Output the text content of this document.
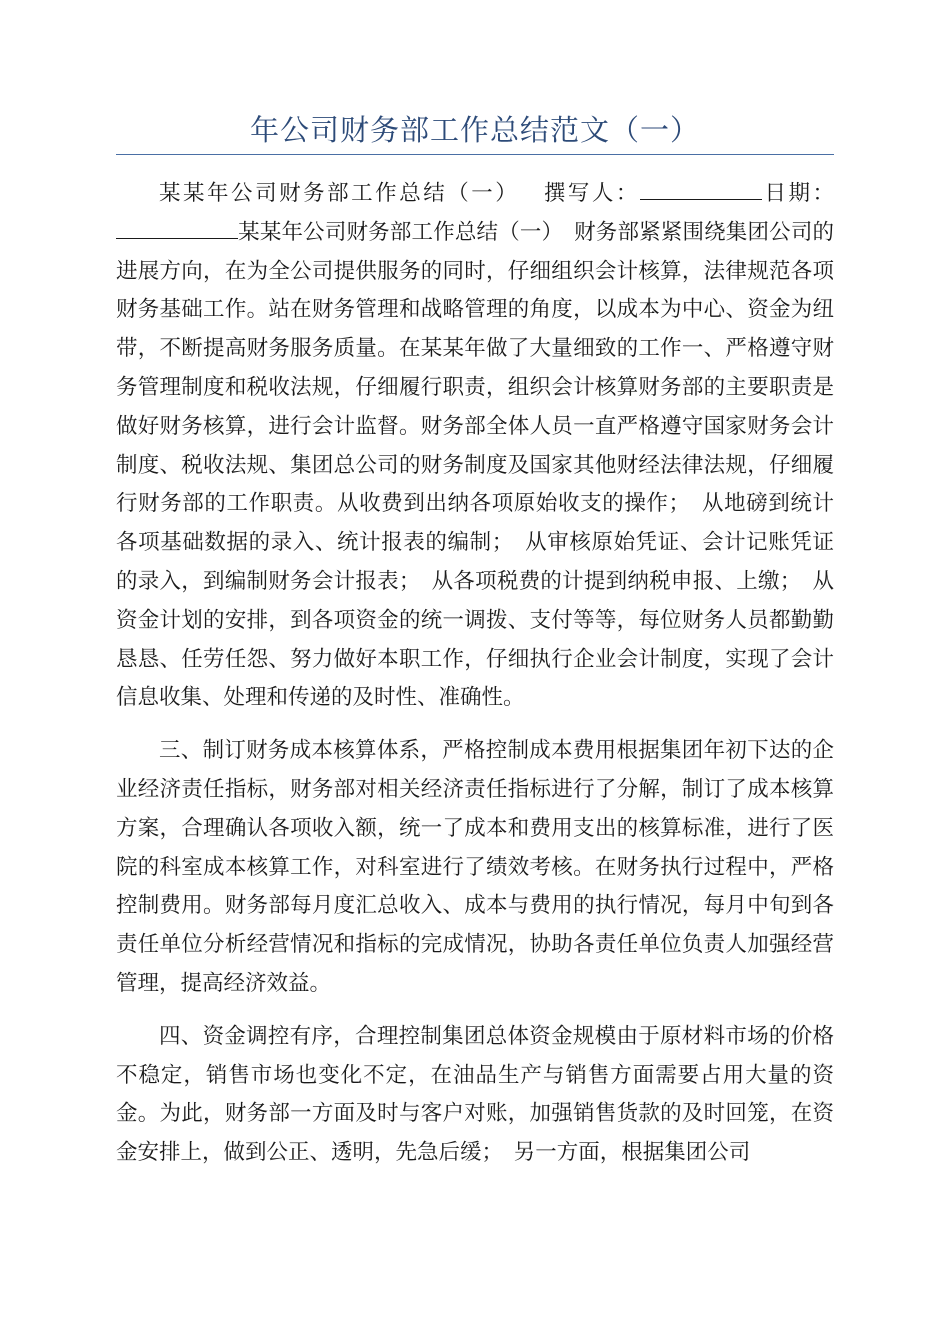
年公司财务部工作总结范文（一）

某某年公司财务部工作总结（一） 撰写人：	日期：某某年公司财务部工作总结（一）　财务部紧紧围绕集团公司的进展方向，在为全公司提供服务的同时，仔细组织会计核算，法律规范各项财务基础工作。站在财务管理和战略管理的角度，以成本为中心、资金为纽带，不断提高财务服务质量。在某某年做了大量细致的工作一、严格遵守财务管理制度和税收法规，仔细履行职责，组织会计核算财务部的主要职责是做好财务核算，进行会计监督。财务部全体人员一直严格遵守国家财务会计制度、税收法规、集团总公司的财务制度及国家其他财经法律法规，仔细履行财务部的工作职责。从收费到出纳各项原始收支的操作；　从地磅到统计各项基础数据的录入、统计报表的编制；　从审核原始凭证、会计记账凭证的录入，到编制财务会计报表；　从各项税费的计提到纳税申报、上缴；　从资金计划的安排，到各项资金的统一调拨、支付等等，每位财务人员都勤勤恳恳、任劳任怨、努力做好本职工作，仔细执行企业会计制度，实现了会计信息收集、处理和传递的及时性、准确性。

三、制订财务成本核算体系，严格控制成本费用根据集团年初下达的企业经济责任指标，财务部对相关经济责任指标进行了分解，制订了成本核算方案，合理确认各项收入额，统一了成本和费用支出的核算标准，进行了医院的科室成本核算工作，对科室进行了绩效考核。在财务执行过程中，严格控制费用。财务部每月度汇总收入、成本与费用的执行情况，每月中旬到各责任单位分析经营情况和指标的完成情况，协助各责任单位负责人加强经营管理，提高经济效益。

四、资金调控有序，合理控制集团总体资金规模由于原材料市场的价格不稳定，销售市场也变化不定，在油品生产与销售方面需要占用大量的资金。为此，财务部一方面及时与客户对账，加强销售货款的及时回笼，在资金安排上，做到公正、透明，先急后缓；　另一方面，根据集团公司
